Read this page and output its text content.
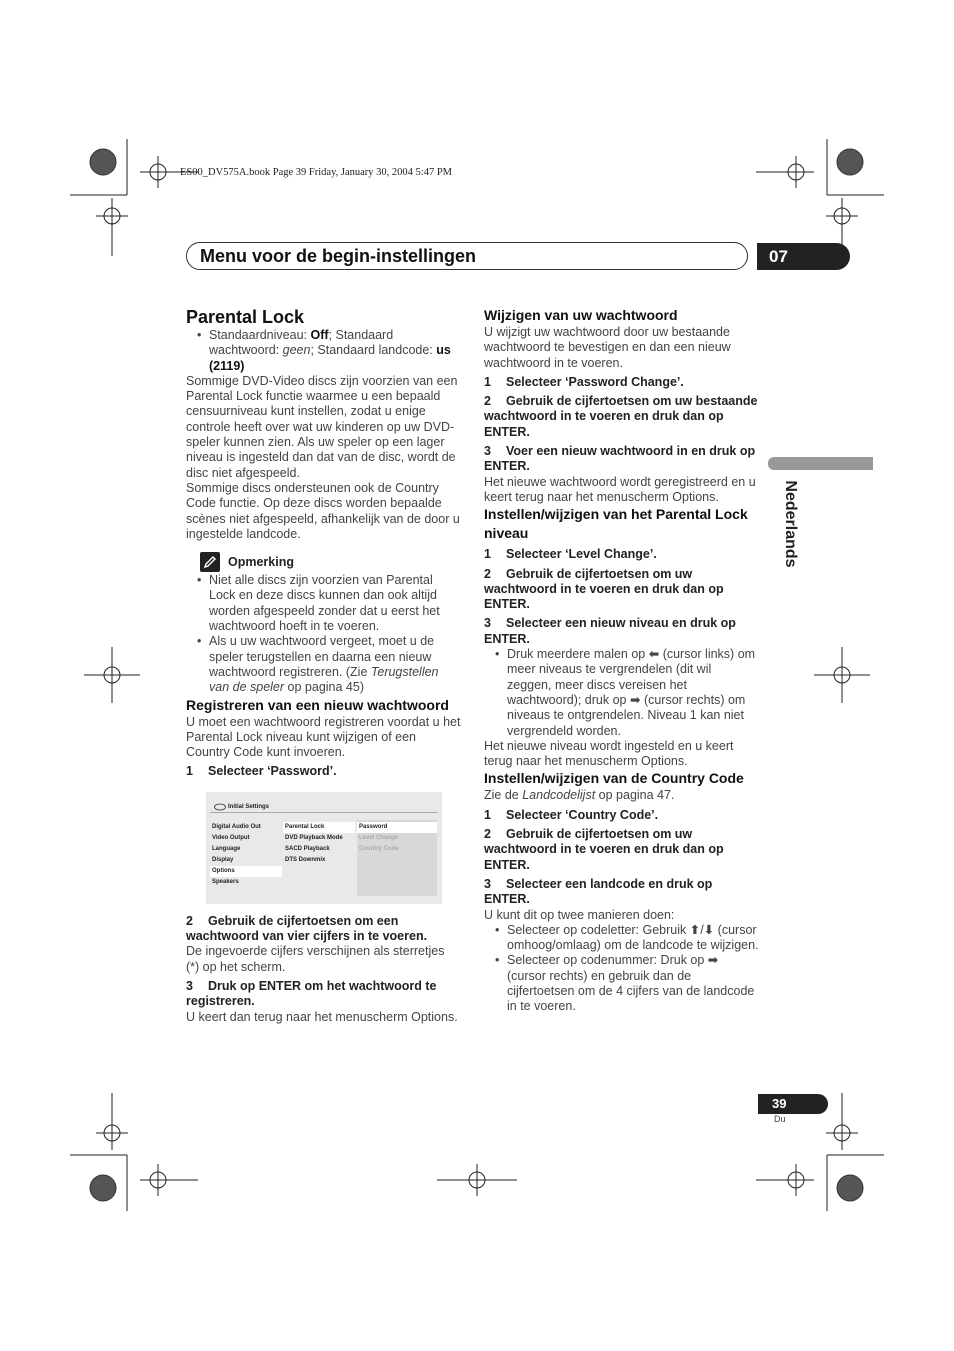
ES00_DV575A.book Page 39 Friday, January 30, 2004 5:47 PM
Menu voor de begin-instellingen	07

Parental Lock

• Standaardniveau: Off; Standaard wachtwoord: geen; Standaard landcode: us (2119)

Sommige DVD-Video discs zijn voorzien van een Parental Lock functie waarmee u een bepaald censuurniveau kunt instellen, zodat u enige controle heeft over wat uw kinderen op uw DVD-speler kunnen zien. Als uw speler op een lager niveau is ingesteld dan dat van de disc, wordt de disc niet afgespeeld.

Sommige discs ondersteunen ook de Country Code functie. Op deze discs worden bepaalde scènes niet afgespeeld, afhankelijk van de door u ingestelde landcode.

Opmerking
• Niet alle discs zijn voorzien van Parental Lock en deze discs kunnen dan ook altijd worden afgespeeld zonder dat u eerst het wachtwoord hoeft in te voeren.
• Als u uw wachtwoord vergeet, moet u de speler terugstellen en daarna een nieuw wachtwoord registreren. (Zie Terugstellen van de speler op pagina 45)

Registreren van een nieuw wachtwoord

U moet een wachtwoord registreren voordat u het Parental Lock niveau kunt wijzigen of een Country Code kunt invoeren.

1 Selecteer ‘Password’.

Initial Settings
Digital Audio Out
Video Output
Language
Display
Options
Speakers
Parental Lock
DVD Playback Mode
SACD Playback
DTS Downmix
Password
Level Change
Country Code

2 Gebruik de cijfertoetsen om een wachtwoord van vier cijfers in te voeren.

De ingevoerde cijfers verschijnen als sterretjes (*) op het scherm.

3 Druk op ENTER om het wachtwoord te registreren.

U keert dan terug naar het menuscherm Options.

Wijzigen van uw wachtwoord

U wijzigt uw wachtwoord door uw bestaande wachtwoord te bevestigen en dan een nieuw wachtwoord in te voeren.

1 Selecteer ‘Password Change’.

2 Gebruik de cijfertoetsen om uw bestaande wachtwoord in te voeren en druk dan op ENTER.

3 Voer een nieuw wachtwoord in en druk op ENTER.

Het nieuwe wachtwoord wordt geregistreerd en u keert terug naar het menuscherm Options.

Instellen/wijzigen van het Parental Lock niveau

1 Selecteer ‘Level Change’.

2 Gebruik de cijfertoetsen om uw wachtwoord in te voeren en druk dan op ENTER.

3 Selecteer een nieuw niveau en druk op ENTER.

• Druk meerdere malen op ⬅ (cursor links) om meer niveaus te vergrendelen (dit wil zeggen, meer discs vereisen het wachtwoord); druk op ➡ (cursor rechts) om niveaus te ontgrendelen. Niveau 1 kan niet vergrendeld worden.

Het nieuwe niveau wordt ingesteld en u keert terug naar het menuscherm Options.

Instellen/wijzigen van de Country Code

Zie de Landcodelijst op pagina 47.

1 Selecteer ‘Country Code’.

2 Gebruik de cijfertoetsen om uw wachtwoord in te voeren en druk dan op ENTER.

3 Selecteer een landcode en druk op ENTER.

U kunt dit op twee manieren doen:

• Selecteer op codeletter: Gebruik ⬆/⬇ (cursor omhoog/omlaag) om de landcode te wijzigen.
• Selecteer op codenummer: Druk op ➡ (cursor rechts) en gebruik dan de cijfertoetsen om de 4 cijfers van de landcode in te voeren.
Nederlands
39
Du
